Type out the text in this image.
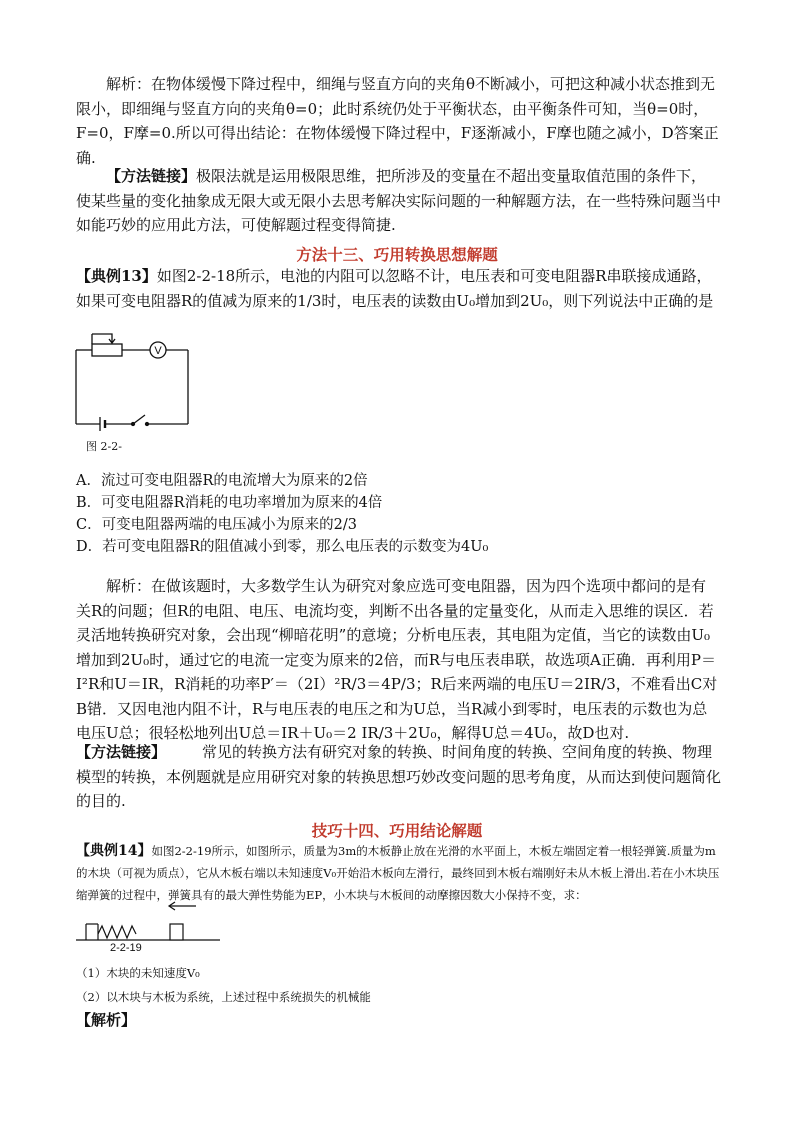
解析：在物体缓慢下降过程中，细绳与竖直方向的夹角θ不断减小，可把这种减小状态推到无限小，即细绳与竖直方向的夹角θ=0；此时系统仍处于平衡状态，由平衡条件可知，当θ=0时，F=0，F摩=0.所以可得出结论：在物体缓慢下降过程中，F逐渐减小，F摩也随之减小，D答案正确.

【方法链接】极限法就是运用极限思维，把所涉及的变量在不超出变量取值范围的条件下，使某些量的变化抽象成无限大或无限小去思考解决实际问题的一种解题方法，在一些特殊问题当中如能巧妙的应用此方法，可使解题过程变得简捷.

方法十三、巧用转换思想解题

【典例13】如图2-2-18所示，电池的内阻可以忽略不计，电压表和可变电阻器R串联接成通路，如果可变电阻器R的值减为原来的1/3时，电压表的读数由U₀增加到2U₀，则下列说法中正确的是

V

图 2-2-

A．流过可变电阻器R的电流增大为原来的2倍

B．可变电阻器R消耗的电功率增加为原来的4倍

C．可变电阻器两端的电压减小为原来的2/3

D．若可变电阻器R的阻值减小到零，那么电压表的示数变为4U₀

解析：在做该题时，大多数学生认为研究对象应选可变电阻器，因为四个选项中都问的是有关R的问题；但R的电阻、电压、电流均变，判断不出各量的定量变化，从而走入思维的误区．若灵活地转换研究对象，会出现“柳暗花明”的意境；分析电压表，其电阻为定值，当它的读数由U₀增加到2U₀时，通过它的电流一定变为原来的2倍，而R与电压表串联，故选项A正确．再利用P＝I²R和U＝IR，R消耗的功率P′＝（2I）²R/3＝4P/3；R后来两端的电压U＝2IR/3，不难看出C对B错．又因电池内阻不计，R与电压表的电压之和为U总，当R减小到零时，电压表的示数也为总电压U总；很轻松地列出U总＝IR＋U₀＝2 IR/3＋2U₀，解得U总＝4U₀，故D也对.

【方法链接】 常见的转换方法有研究对象的转换、时间角度的转换、空间角度的转换、物理模型的转换，本例题就是应用研究对象的转换思想巧妙改变问题的思考角度，从而达到使问题简化的目的.

技巧十四、巧用结论解题

【典例14】如图2-2-19所示，如图所示，质量为3m的木板静止放在光滑的水平面上，木板左端固定着一根轻弹簧.质量为m的木块（可视为质点），它从木板右端以未知速度V₀开始沿木板向左滑行，最终回到木板右端刚好未从木板上滑出.若在小木块压缩弹簧的过程中，弹簧具有的最大弹性势能为EP，小木块与木板间的动摩擦因数大小保持不变，求：

2-2-19

（1）木块的未知速度V₀

（2）以木块与木板为系统，上述过程中系统损失的机械能

【解析】
